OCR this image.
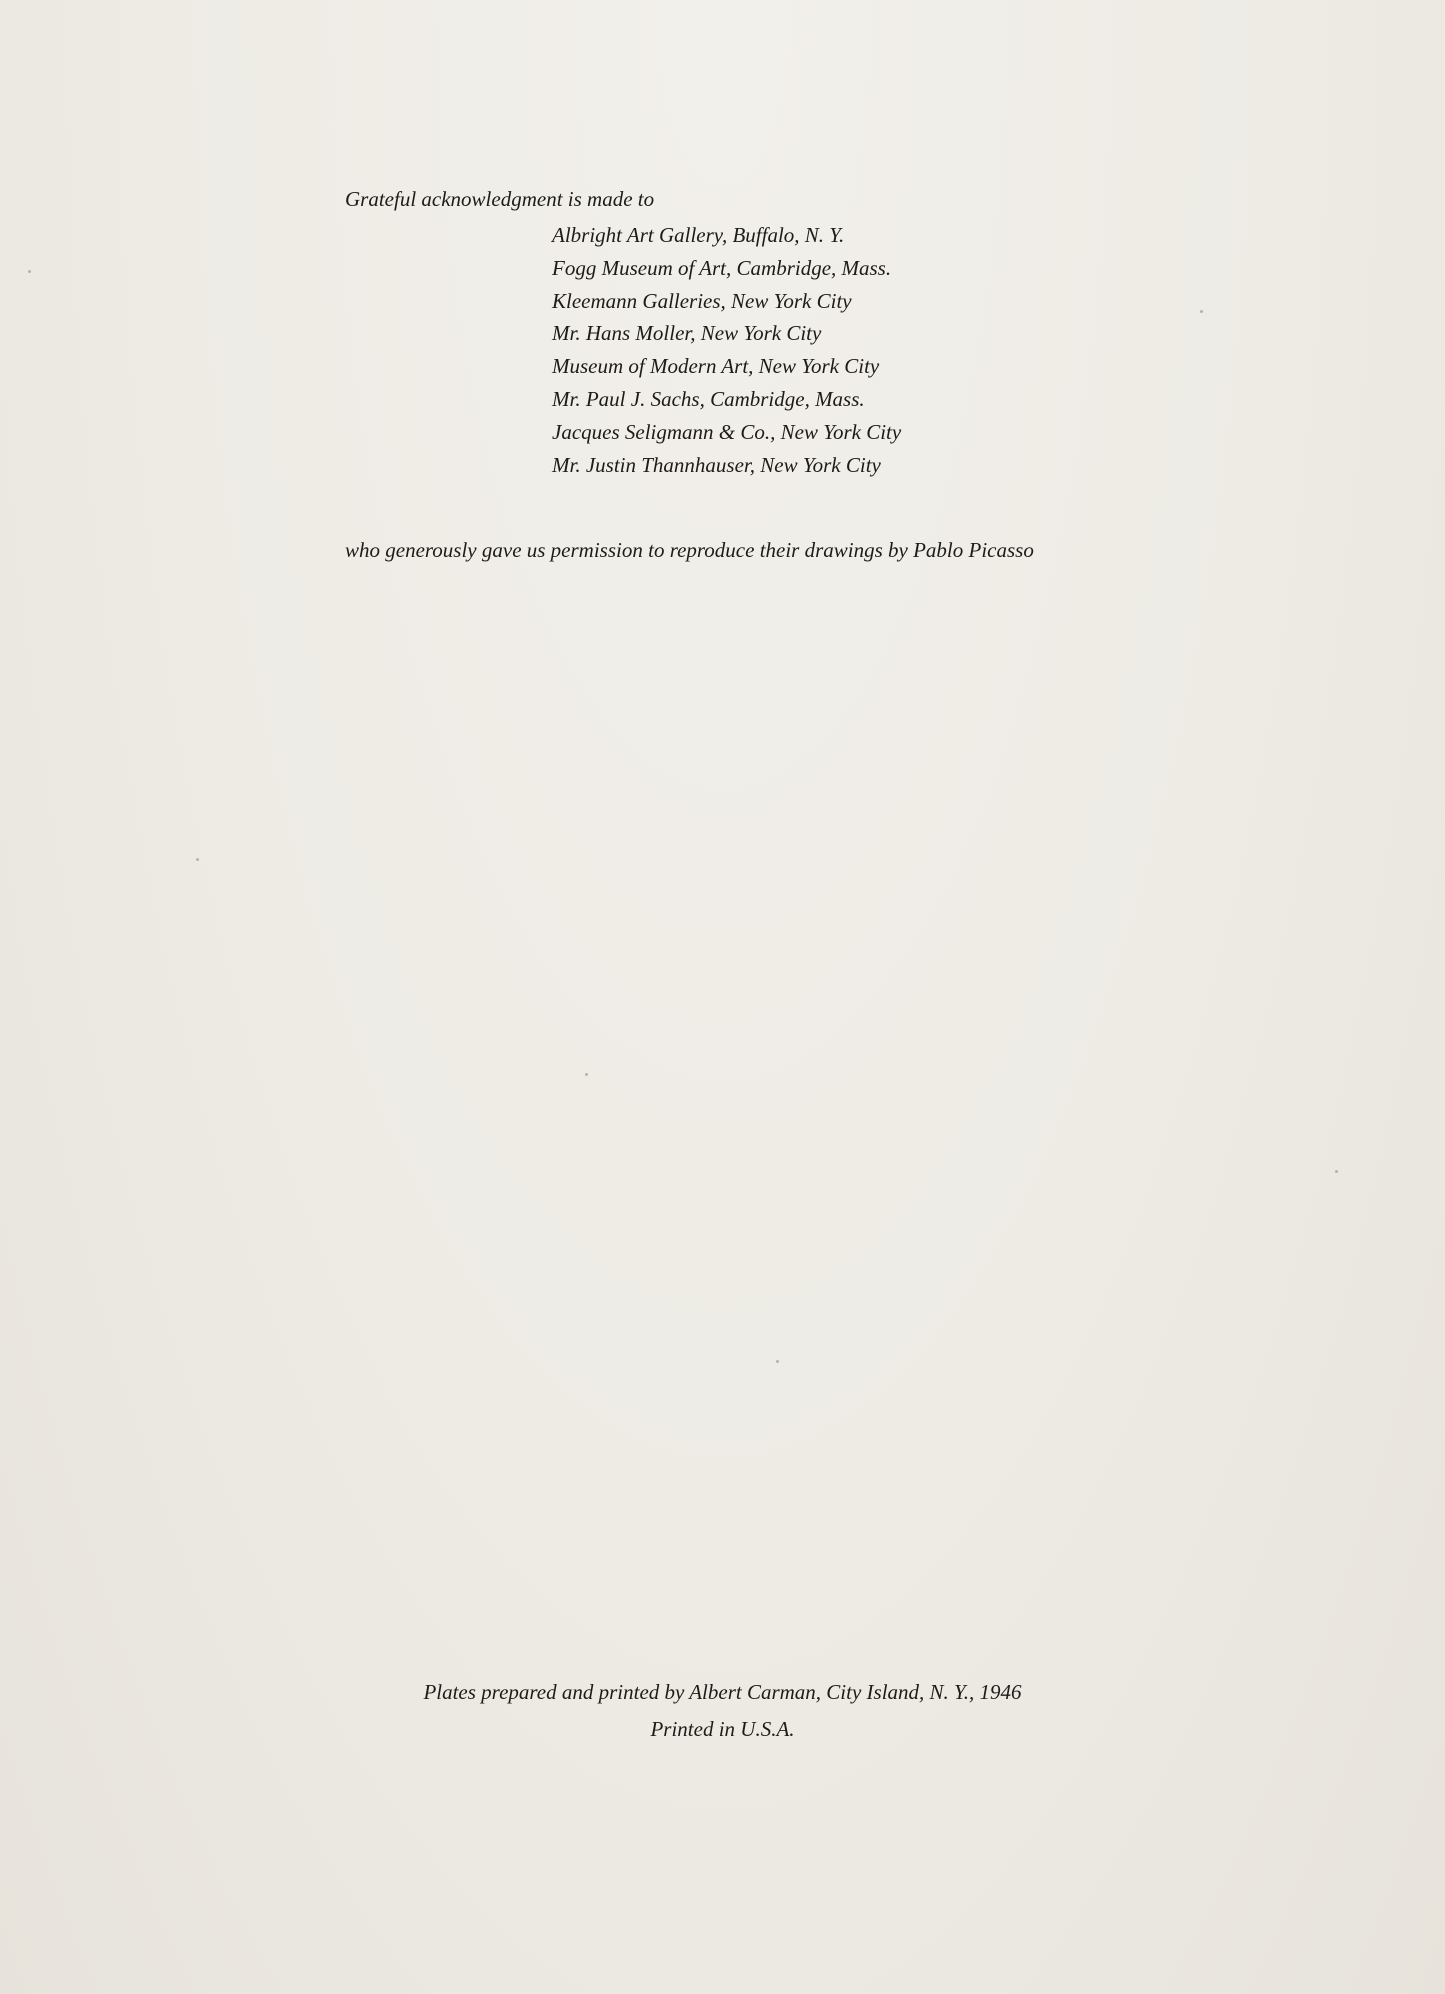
Grateful acknowledgment is made to

Albright Art Gallery, Buffalo, N. Y.
Fogg Museum of Art, Cambridge, Mass.
Kleemann Galleries, New York City
Mr. Hans Moller, New York City
Museum of Modern Art, New York City
Mr. Paul J. Sachs, Cambridge, Mass.
Jacques Seligmann & Co., New York City
Mr. Justin Thannhauser, New York City

who generously gave us permission to reproduce their drawings by Pablo Picasso

Plates prepared and printed by Albert Carman, City Island, N. Y., 1946
Printed in U.S.A.
